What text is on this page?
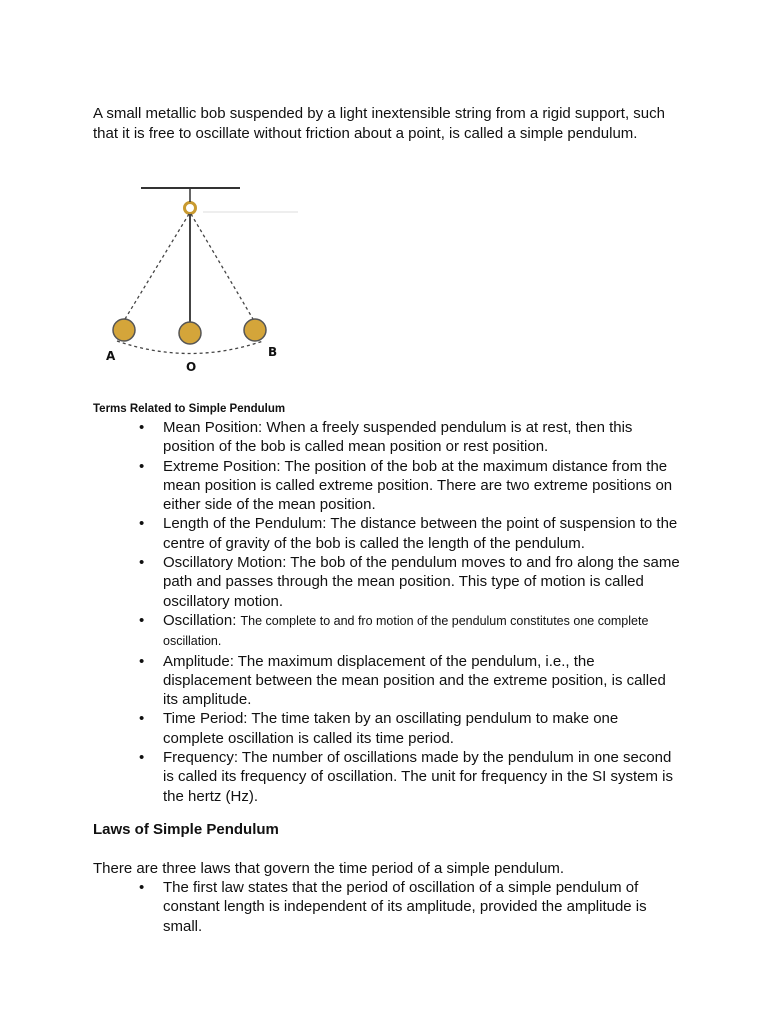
A small metallic bob suspended by a light inextensible string from a rigid support, such that it is free to oscillate without friction about a point, is called a simple pendulum.

A
O
B

Terms Related to Simple Pendulum

• Mean Position: When a freely suspended pendulum is at rest, then this position of the bob is called mean position or rest position.
• Extreme Position: The position of the bob at the maximum distance from the mean position is called extreme position. There are two extreme positions on either side of the mean position.
• Length of the Pendulum: The distance between the point of suspension to the centre of gravity of the bob is called the length of the pendulum.
• Oscillatory Motion: The bob of the pendulum moves to and fro along the same path and passes through the mean position. This type of motion is called oscillatory motion.
• Oscillation: The complete to and fro motion of the pendulum constitutes one complete oscillation.
• Amplitude: The maximum displacement of the pendulum, i.e., the displacement between the mean position and the extreme position, is called its amplitude.
• Time Period: The time taken by an oscillating pendulum to make one complete oscillation is called its time period.
• Frequency: The number of oscillations made by the pendulum in one second is called its frequency of oscillation. The unit for frequency in the SI system is the hertz (Hz).

Laws of Simple Pendulum

There are three laws that govern the time period of a simple pendulum.

• The first law states that the period of oscillation of a simple pendulum of constant length is independent of its amplitude, provided the amplitude is small.
